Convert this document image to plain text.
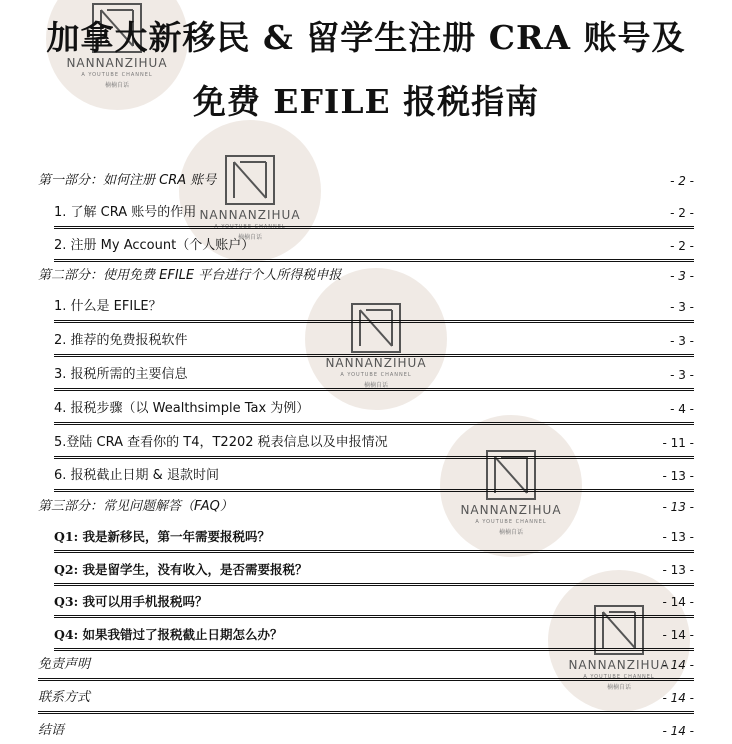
NANNANZIHUA
A YOUTUBE CHANNEL
楠楠自话
NANNANZIHUA
A YOUTUBE CHANNEL
楠楠自话
NANNANZIHUA
A YOUTUBE CHANNEL
楠楠自话
NANNANZIHUA
A YOUTUBE CHANNEL
楠楠自话
NANNANZIHUA
A YOUTUBE CHANNEL
楠楠自话
加拿大新移民 & 留学生注册 CRA 账号及
免费 EFILE 报税指南
第一部分：如何注册 CRA 账号	- 2 -
1. 了解 CRA 账号的作用	- 2 -
2. 注册 My Account（个人账户）	- 2 -
第二部分：使用免费 EFILE 平台进行个人所得税申报	- 3 -
1. 什么是 EFILE？	- 3 -
2. 推荐的免费报税软件	- 3 -
3. 报税所需的主要信息	- 3 -
4. 报税步骤（以 Wealthsimple Tax 为例）	- 4 -
5.登陆 CRA 查看你的 T4，T2202 税表信息以及申报情况	- 11 -
6. 报税截止日期 & 退款时间	- 13 -
第三部分：常见问题解答（FAQ）	- 13 -
Q1: 我是新移民，第一年需要报税吗？	- 13 -
Q2: 我是留学生，没有收入，是否需要报税？	- 13 -
Q3: 我可以用手机报税吗？	- 14 -
Q4: 如果我错过了报税截止日期怎么办？	- 14 -
免责声明	- 14 -
联系方式	- 14 -
结语	- 14 -
